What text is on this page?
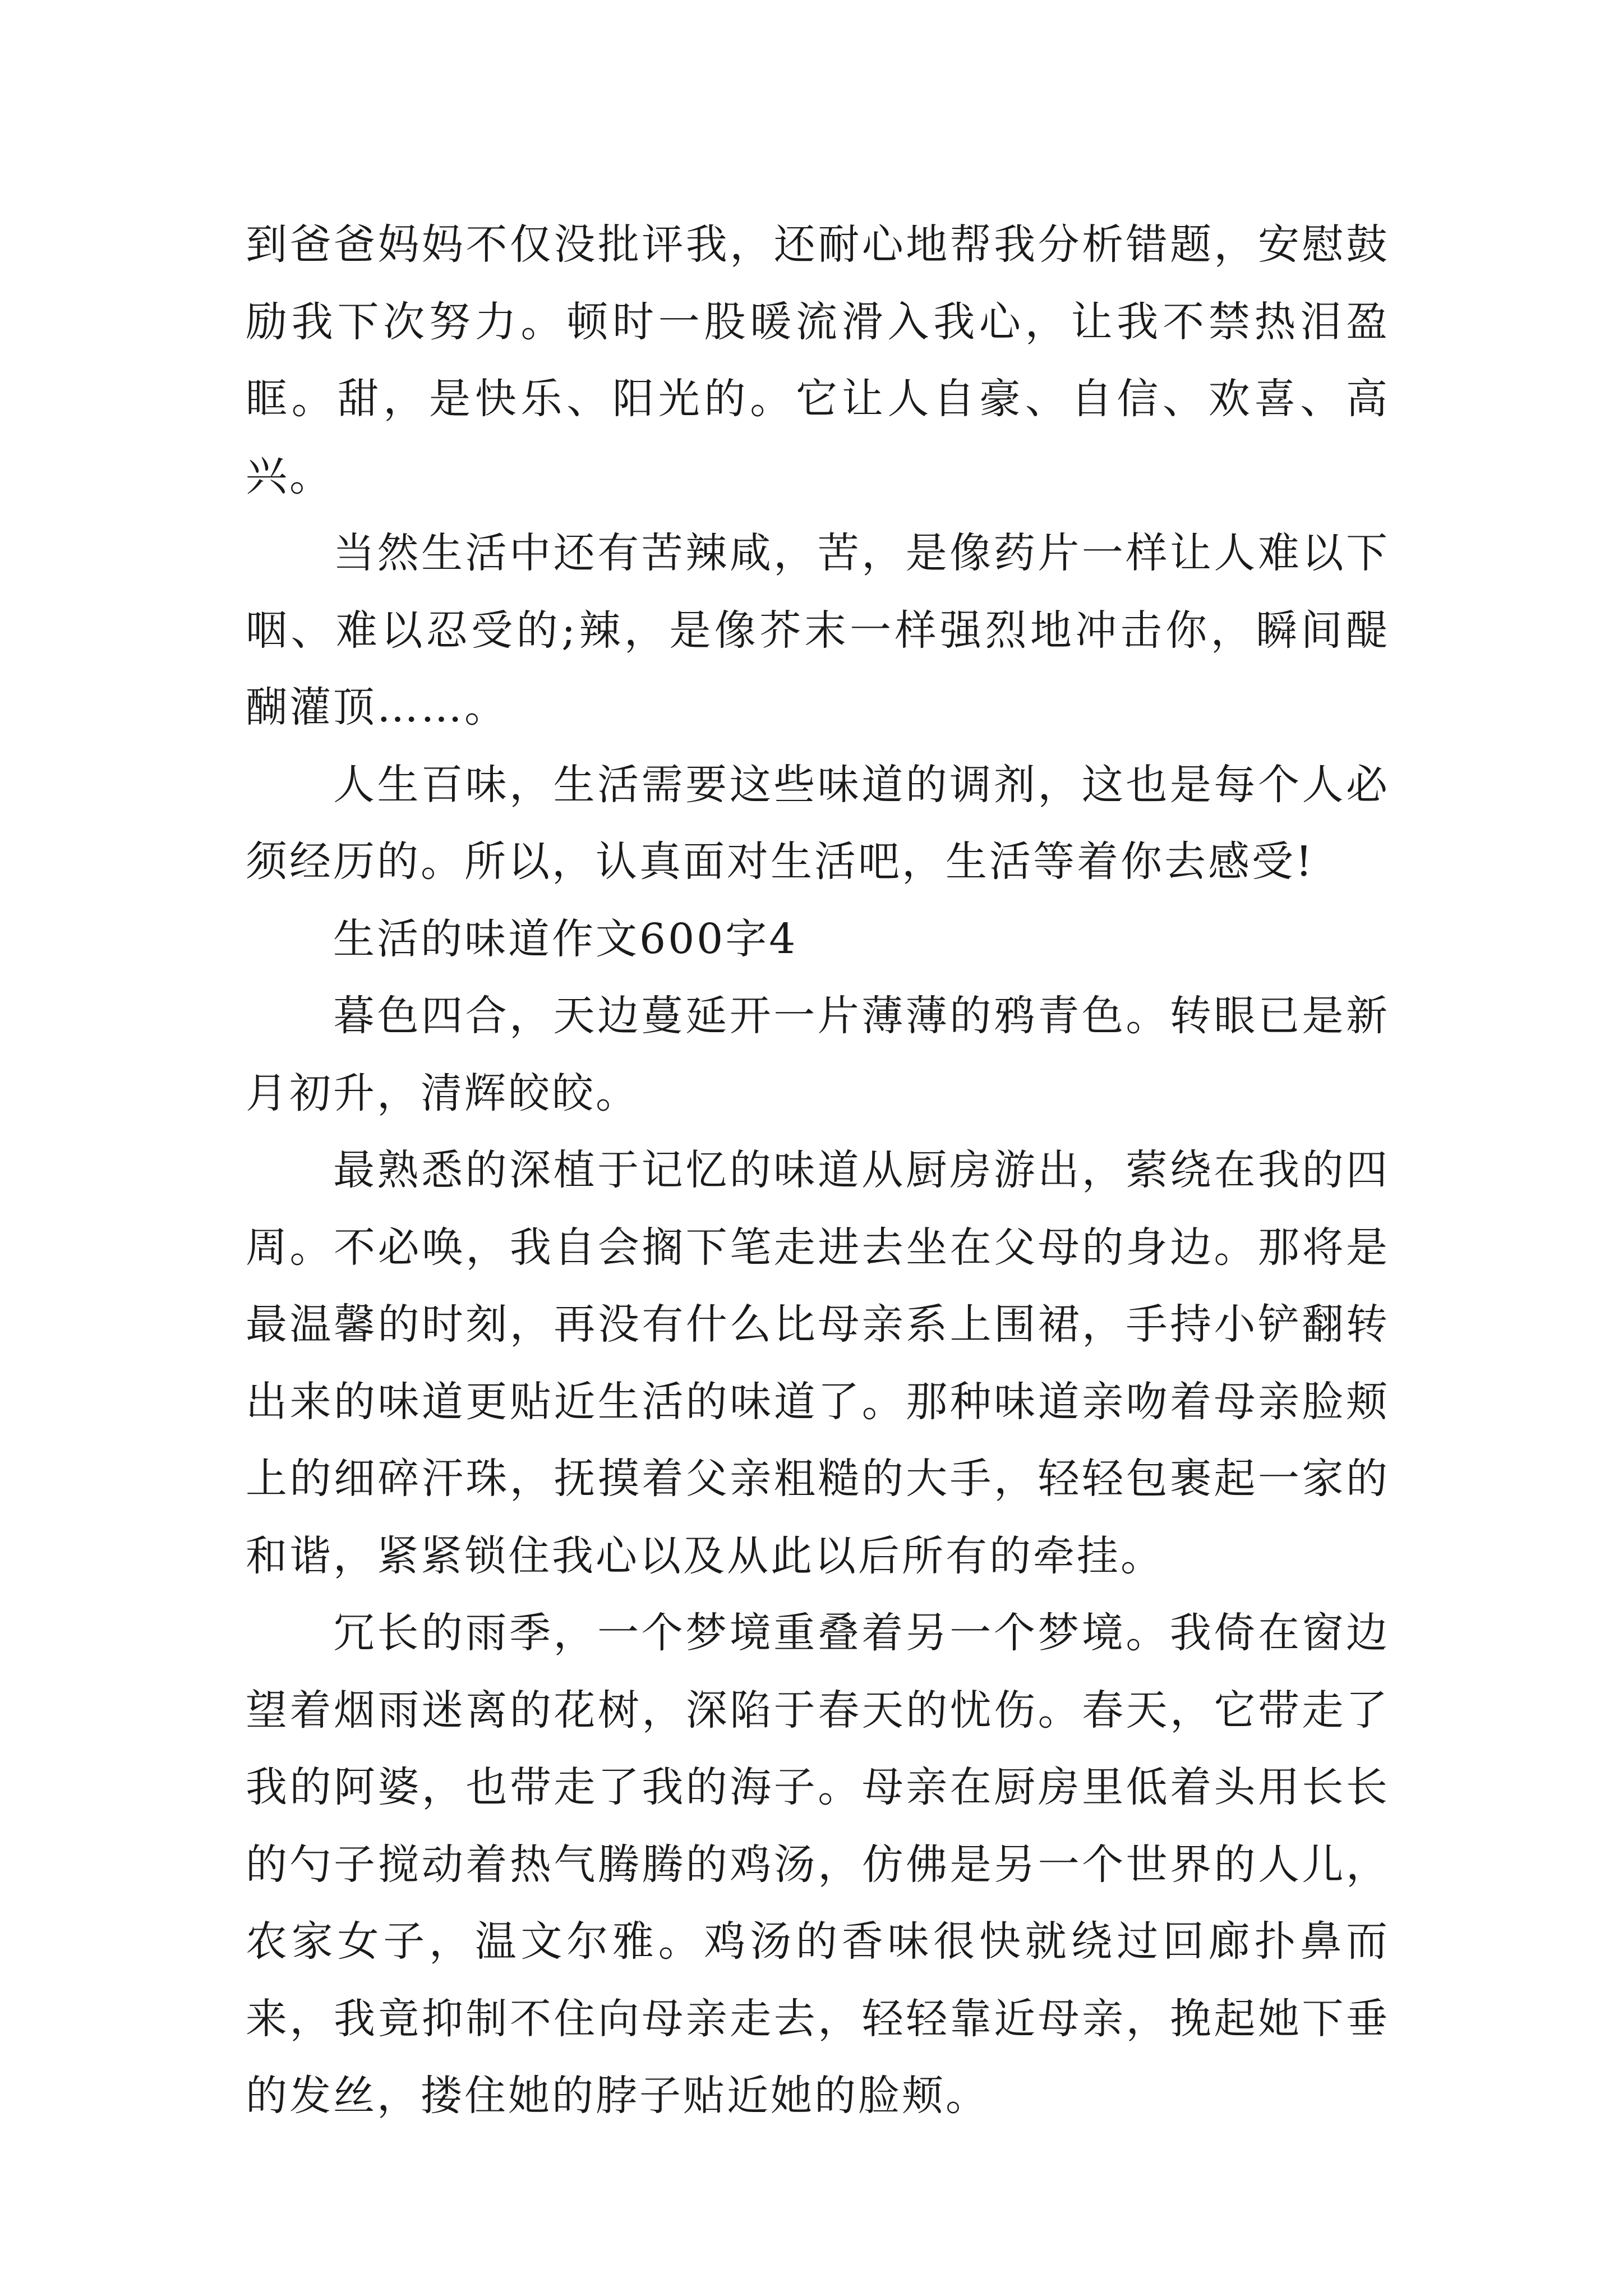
到爸爸妈妈不仅没批评我，还耐心地帮我分析错题，安慰鼓励我下次努力。顿时一股暖流滑入我心，让我不禁热泪盈眶。甜，是快乐、阳光的。它让人自豪、自信、欢喜、高兴。

当然生活中还有苦辣咸，苦，是像药片一样让人难以下咽、难以忍受的;辣，是像芥末一样强烈地冲击你，瞬间醍醐灌顶……。

人生百味，生活需要这些味道的调剂，这也是每个人必须经历的。所以，认真面对生活吧，生活等着你去感受!

生活的味道作文600字4

暮色四合，天边蔓延开一片薄薄的鸦青色。转眼已是新月初升，清辉皎皎。

最熟悉的深植于记忆的味道从厨房游出，萦绕在我的四周。不必唤，我自会搁下笔走进去坐在父母的身边。那将是最温馨的时刻，再没有什么比母亲系上围裙，手持小铲翻转出来的味道更贴近生活的味道了。那种味道亲吻着母亲脸颊上的细碎汗珠，抚摸着父亲粗糙的大手，轻轻包裹起一家的和谐，紧紧锁住我心以及从此以后所有的牵挂。

冗长的雨季，一个梦境重叠着另一个梦境。我倚在窗边望着烟雨迷离的花树，深陷于春天的忧伤。春天，它带走了我的阿婆，也带走了我的海子。母亲在厨房里低着头用长长的勺子搅动着热气腾腾的鸡汤，仿佛是另一个世界的人儿，农家女子，温文尔雅。鸡汤的香味很快就绕过回廊扑鼻而来，我竟抑制不住向母亲走去，轻轻靠近母亲，挽起她下垂的发丝，搂住她的脖子贴近她的脸颊。
